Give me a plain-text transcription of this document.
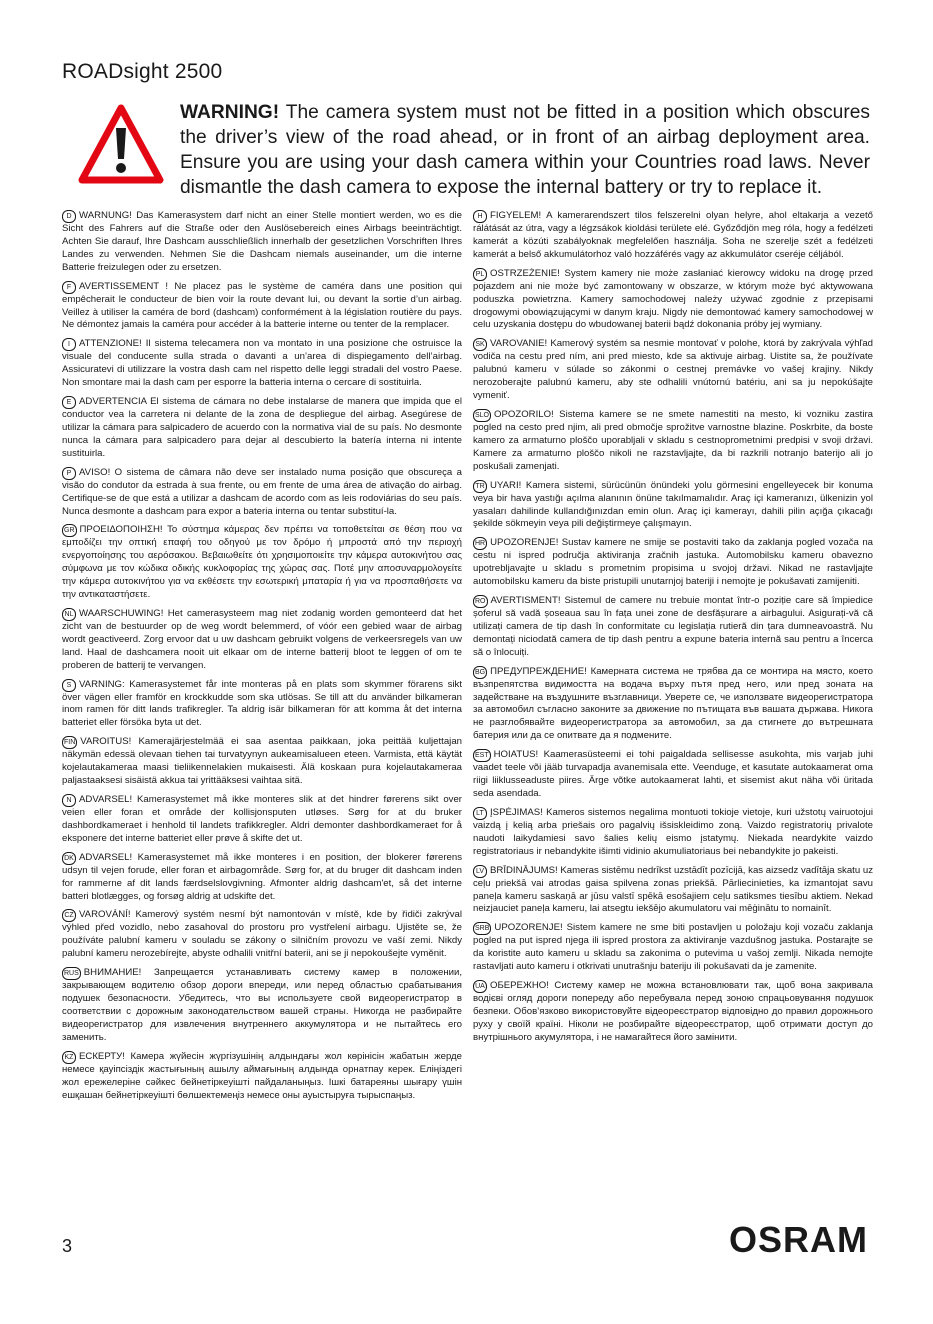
ROADsight 2500
WARNING! The camera system must not be fitted in a position which obscures the driver’s view of the road ahead, or in front of an airbag deployment area. Ensure you are using your dash camera within your Countries road laws. Never dismantle the dash camera to expose the internal battery or try to replace it.

D WARNUNG! Das Kamerasystem darf nicht an einer Stelle montiert werden, wo es die Sicht des Fahrers auf die Straße oder den Auslösebereich eines Airbags beeinträchtigt. Achten Sie darauf, Ihre Dashcam ausschließlich innerhalb der gesetzlichen Vorschriften Ihres Landes zu verwenden. Nehmen Sie die Dashcam niemals auseinander, um die interne Batterie freizulegen oder zu ersetzen.

F AVERTISSEMENT ! Ne placez pas le système de caméra dans une position qui empêcherait le conducteur de bien voir la route devant lui, ou devant la sortie d’un airbag. Veillez à utiliser la caméra de bord (dashcam) conformément à la législation routière du pays. Ne démontez jamais la caméra pour accéder à la batterie interne ou tenter de la remplacer.

I ATTENZIONE! Il sistema telecamera non va montato in una posizione che ostruisce la visuale del conducente sulla strada o davanti a un’area di dispiegamento dell’airbag. Assicuratevi di utilizzare la vostra dash cam nel rispetto delle leggi stradali del vostro Paese. Non smontare mai la dash cam per esporre la batteria interna o cercare di sostituirla.

E ADVERTENCIA El sistema de cámara no debe instalarse de manera que impida que el conductor vea la carretera ni delante de la zona de despliegue del airbag. Asegúrese de utilizar la cámara para salpicadero de acuerdo con la normativa vial de su país. No desmonte nunca la cámara para salpicadero para dejar al descubierto la batería interna ni intente sustituirla.

P AVISO! O sistema de câmara não deve ser instalado numa posição que obscureça a visão do condutor da estrada à sua frente, ou em frente de uma área de ativação do airbag. Certifique-se de que está a utilizar a dashcam de acordo com as leis rodoviárias do seu país. Nunca desmonte a dashcam para expor a bateria interna ou tentar substituí-la.

GR ΠΡΟΕΙΔΟΠΟΙΗΣΗ! Το σύστημα κάμερας δεν πρέπει να τοποθετείται σε θέση που να εμποδίζει την οπτική επαφή του οδηγού με τον δρόμο ή μπροστά από την περιοχή ενεργοποίησης του αερόσακου. Βεβαιωθείτε ότι χρησιμοποιείτε την κάμερα αυτοκινήτου σας σύμφωνα με τον κώδικα οδικής κυκλοφορίας της χώρας σας. Ποτέ μην αποσυναρμολογείτε την κάμερα αυτοκινήτου για να εκθέσετε την εσωτερική μπαταρία ή για να προσπαθήσετε να την αντικαταστήσετε.

NL WAARSCHUWING! Het camerasysteem mag niet zodanig worden gemonteerd dat het zicht van de bestuurder op de weg wordt belemmerd, of vóór een gebied waar de airbag wordt geactiveerd. Zorg ervoor dat u uw dashcam gebruikt volgens de verkeersregels van uw land. Haal de dashcamera nooit uit elkaar om de interne batterij bloot te leggen of om te proberen de batterij te vervangen.

S VARNING: Kamerasystemet får inte monteras på en plats som skymmer förarens sikt över vägen eller framför en krockkudde som ska utlösas. Se till att du använder bilkameran inom ramen för ditt lands trafikregler. Ta aldrig isär bilkameran för att komma åt det interna batteriet eller försöka byta ut det.

FIN VAROITUS! Kamerajärjestelmää ei saa asentaa paikkaan, joka peittää kuljettajan näkymän edessä olevaan tiehen tai turvatyynyn aukeamisalueen eteen. Varmista, että käytät kojelautakameraa maasi tieliikennelakien mukaisesti. Älä koskaan pura kojelautakameraa paljastaaksesi sisäistä akkua tai yrittääksesi vaihtaa sitä.

N ADVARSEL! Kamerasystemet må ikke monteres slik at det hindrer førerens sikt over veien eller foran et område der kollisjonsputen utløses. Sørg for at du bruker dashbordkameraet i henhold til landets trafikkregler. Aldri demonter dashbordkameraet for å eksponere det interne batteriet eller prøve å skifte det ut.

DK ADVARSEL! Kamerasystemet må ikke monteres i en position, der blokerer førerens udsyn til vejen forude, eller foran et airbagområde. Sørg for, at du bruger dit dashcam inden for rammerne af dit lands færdselslovgivning. Afmonter aldrig dashcam'et, så det interne batteri blotlægges, og forsøg aldrig at udskifte det.

CZ VAROVÁNÍ! Kamerový systém nesmí být namontován v místě, kde by řidiči zakrýval výhled před vozidlo, nebo zasahoval do prostoru pro vystřelení airbagu. Ujistěte se, že používáte palubní kameru v souladu se zákony o silničním provozu ve vaší zemi. Nikdy palubní kameru nerozebírejte, abyste odhalili vnitřní baterii, ani se ji nepokoušejte vyměnit.

RUS ВНИМАНИЕ! Запрещается устанавливать систему камер в положении, закрывающем водителю обзор дороги впереди, или перед областью срабатывания подушек безопасности. Убедитесь, что вы используете свой видеорегистратор в соответствии с дорожным законодательством вашей страны. Никогда не разбирайте видеорегистратор для извлечения внутреннего аккумулятора и не пытайтесь его заменить.

KZ ЕСКЕРТУ! Камера жүйесін жүргізушінің алдындағы жол көрінісін жабатын жерде немесе қауіпсіздік жастығының ашылу аймағының алдында орнатпау керек. Еліңіздегі жол ережелеріне сәйкес бейнетіркеуішті пайдаланыңыз. Ішкі батареяны шығару үшін ешқашан бейнетіркеуішті бөлшектемеңіз немесе оны ауыстыруға тырыспаңыз.

H FIGYELEM! A kamerarendszert tilos felszerelni olyan helyre, ahol eltakarja a vezető rálátását az útra, vagy a légzsákok kioldási területe elé. Győződjön meg róla, hogy a fedélzeti kamerát a közúti szabályoknak megfelelően használja. Soha ne szerelje szét a fedélzeti kamerát a belső akkumulátorhoz való hozzáférés vagy az akkumulátor cseréje céljából.

PL OSTRZEŻENIE! System kamery nie może zasłaniać kierowcy widoku na drogę przed pojazdem ani nie może być zamontowany w obszarze, w którym może być aktywowana poduszka powietrzna. Kamery samochodowej należy używać zgodnie z przepisami drogowymi obowiązującymi w danym kraju. Nigdy nie demontować kamery samochodowej w celu uzyskania dostępu do wbudowanej baterii bądź dokonania próby jej wymiany.

SK VAROVANIE! Kamerový systém sa nesmie montovať v polohe, ktorá by zakrývala výhľad vodiča na cestu pred ním, ani pred miesto, kde sa aktivuje airbag. Uistite sa, že používate palubnú kameru v súlade so zákonmi o cestnej premávke vo vašej krajiny. Nikdy nerozoberajte palubnú kameru, aby ste odhalili vnútornú batériu, ani sa ju nepokúšajte vymeniť.

SLO OPOZORILO! Sistema kamere se ne smete namestiti na mesto, ki vozniku zastira pogled na cesto pred njim, ali pred območje sprožitve varnostne blazine. Poskrbite, da boste kamero za armaturno ploščo uporabljali v skladu s cestnoprometnimi predpisi v svoji državi. Kamere za armaturno ploščo nikoli ne razstavljajte, da bi razkrili notranjo baterijo ali jo poskušali zamenjati.

TR UYARI! Kamera sistemi, sürücünün önündeki yolu görmesini engelleyecek bir konuma veya bir hava yastığı açılma alanının önüne takılmamalıdır. Araç içi kameranızı, ülkenizin yol yasaları dahilinde kullandığınızdan emin olun. Araç içi kamerayı, dahili pilin açığa çıkacağı şekilde sökmeyin veya pili değiştirmeye çalışmayın.

HR UPOZORENJE! Sustav kamere ne smije se postaviti tako da zaklanja pogled vozača na cestu ni ispred područja aktiviranja zračnih jastuka. Automobilsku kameru obavezno upotrebljavajte u skladu s prometnim propisima u svojoj državi. Nikad ne rastavljajte automobilsku kameru da biste pristupili unutarnjoj bateriji i nemojte je pokušavati zamijeniti.

RO AVERTISMENT! Sistemul de camere nu trebuie montat într-o poziție care să împiedice șoferul să vadă șoseaua sau în fața unei zone de desfășurare a airbagului. Asigurați-vă că utilizați camera de tip dash în conformitate cu legislația rutieră din țara dumneavoastră. Nu demontați niciodată camera de tip dash pentru a expune bateria internă sau pentru a încerca să o înlocuiți.

BG ПРЕДУПРЕЖДЕНИЕ! Камерната система не трябва да се монтира на място, което възпрепятства видимостта на водача върху пътя пред него, или пред зоната на задействане на въздушните възглавници. Уверете се, че използвате видеорегистратора за автомобил съгласно законите за движение по пътищата във вашата държава. Никога не разглобявайте видеорегистратора за автомобил, за да стигнете до вътрешната батерия или да се опитвате да я подмените.

EST HOIATUS! Kaamerasüsteemi ei tohi paigaldada sellisesse asukohta, mis varjab juhi vaadet teele või jääb turvapadja avanemisala ette. Veenduge, et kasutate autokaamerat oma riigi liiklusseaduste piires. Ärge võtke autokaamerat lahti, et sisemist akut näha või üritada seda asendada.

LT ĮSPĖJIMAS! Kameros sistemos negalima montuoti tokioje vietoje, kuri užstotų vairuotojui vaizdą į kelią arba priešais oro pagalvių išsiskleidimo zoną. Vaizdo registratorių privalote naudoti laikydamiesi savo šalies kelių eismo įstatymų. Niekada neardykite vaizdo registratoriaus ir nebandykite išimti vidinio akumuliatoriaus bei nebandykite jo pakeisti.

LV BRĪDINĀJUMS! Kameras sistēmu nedrīkst uzstādīt pozīcijā, kas aizsedz vadītāja skatu uz ceļu priekšā vai atrodas gaisa spilvena zonas priekšā. Pārliecinieties, ka izmantojat savu paneļa kameru saskaņā ar jūsu valstī spēkā esošajiem ceļu satiksmes tiesību aktiem. Nekad neizjauciet paneļa kameru, lai atsegtu iekšējo akumulatoru vai mēģinātu to nomainīt.

SRB UPOZORENJE! Sistem kamere ne sme biti postavljen u položaju koji vozaču zaklanja pogled na put ispred njega ili ispred prostora za aktiviranje vazdušnog jastuka. Postarajte se da koristite auto kameru u skladu sa zakonima o putevima u vašoj zemlji. Nikada nemojte rastavljati auto kameru i otkrivati unutrašnju bateriju ili pokušavati da je zamenite.

UA ОБЕРЕЖНО! Систему камер не можна встановлювати так, щоб вона закривала водієві огляд дороги попереду або перебувала перед зоною спрацьовування подушок безпеки. Обов’язково використовуйте відеореєстратор відповідно до правил дорожнього руху у своїй країні. Ніколи не розбирайте відеореєстратор, щоб отримати доступ до внутрішнього акумулятора, і не намагайтеся його замінити.

3	OSRAM
